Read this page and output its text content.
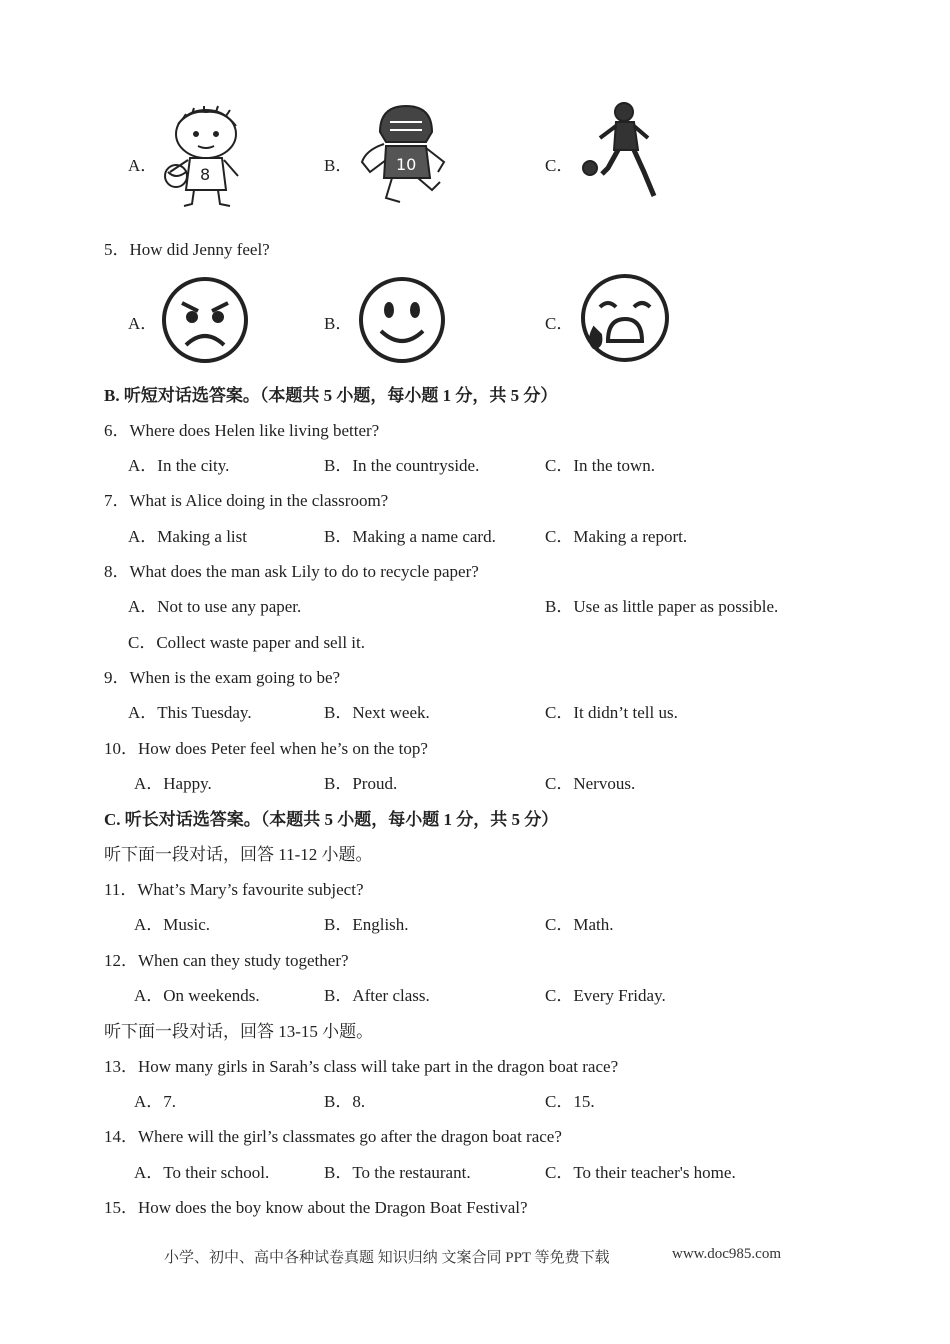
A．	8	B．	10	C．
5．How did Jenny feel?
A．	B．	C．
B. 听短对话选答案。（本题共 5 小题，每小题 1 分，共 5 分）
6．Where does Helen like living better?
A．In the city.	B．In the countryside.	C．In the town.
7．What is Alice doing in the classroom?
A．Making a list	B．Making a name card.	C．Making a report.
8．What does the man ask Lily to do to recycle paper?
A．Not to use any paper.	B．Use as little paper as possible.
C．Collect waste paper and sell it.
9．When is the exam going to be?
A．This Tuesday.	B．Next week.	C．It didn’t tell us.
10．How does Peter feel when he’s on the top?
A．Happy.	B．Proud.	C．Nervous.
C. 听长对话选答案。（本题共 5 小题，每小题 1 分，共 5 分）
听下面一段对话，回答 11-12 小题。
11．What’s Mary’s favourite subject?
A．Music.	B．English.	C．Math.
12．When can they study together?
A．On weekends.	B．After class.	C．Every Friday.
听下面一段对话，回答 13-15 小题。
13．How many girls in Sarah’s class will take part in the dragon boat race?
A．7.	B．8.	C．15.
14．Where will the girl’s classmates go after the dragon boat race?
A．To their school.	B．To the restaurant.	C．To their teacher's home.
15．How does the boy know about the Dragon Boat Festival?
小学、初中、高中各种试卷真题 知识归纳 文案合同 PPT 等免费下载	www.doc985.com
